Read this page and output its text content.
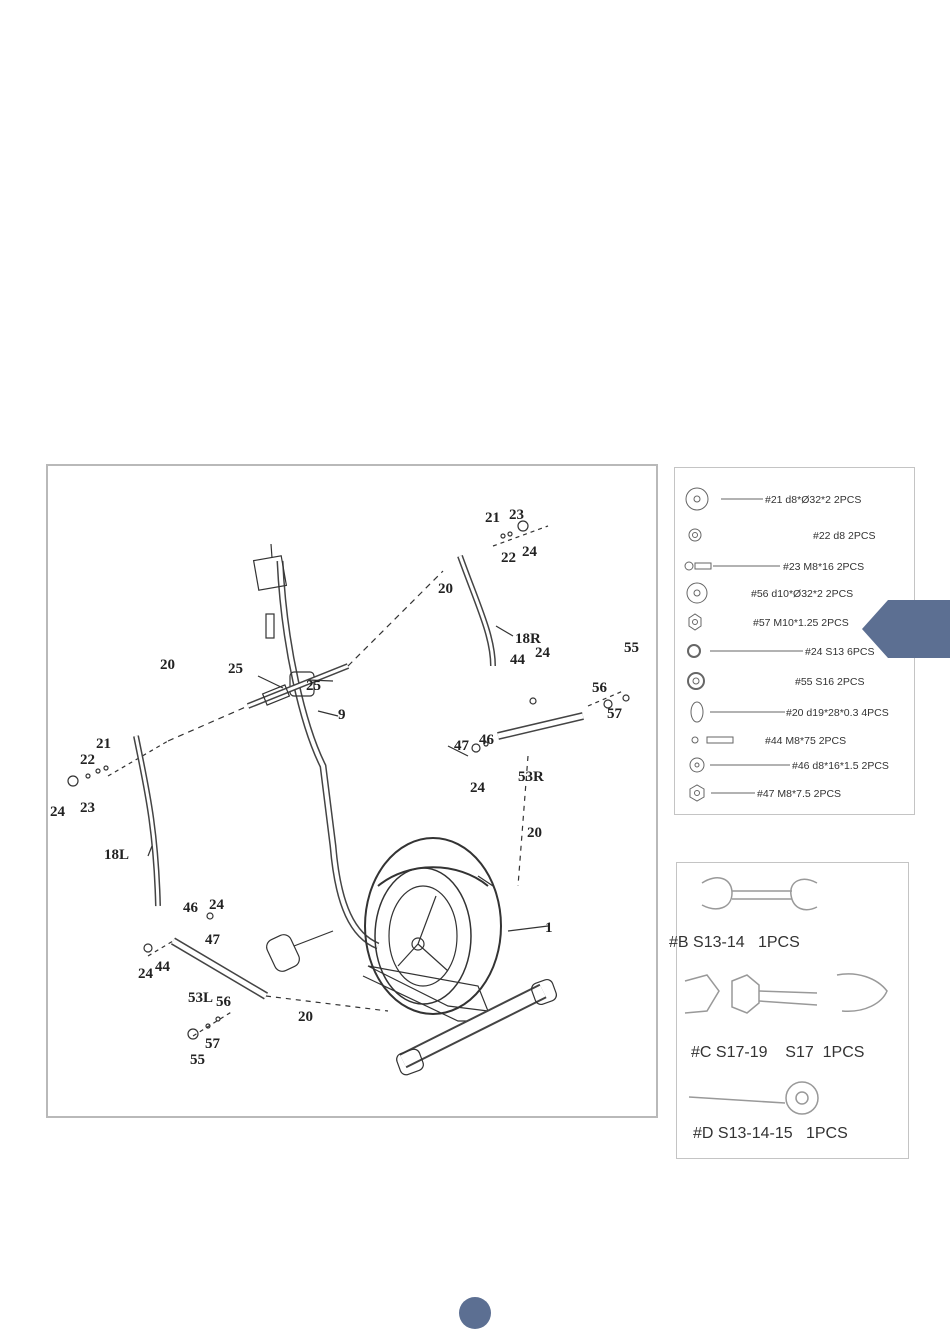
1
9
18L
18R
20
20
20
20
21
21
22
22
23
23
24
24
24
24
24
24
25
25
44
44
46
46
47
47
53L
53R
55
55
56
56
57
57
#21 d8*Ø32*2 2PCS
#22 d8 2PCS
#23 M8*16 2PCS
#56 d10*Ø32*2 2PCS
#57 M10*1.25 2PCS
#24 S13 6PCS
#55 S16 2PCS
#20 d19*28*0.3 4PCS
#44 M8*75 2PCS
#46 d8*16*1.5 2PCS
#47 M8*7.5 2PCS
#B S13-14   1PCS
#C S17-19    S17  1PCS
#D S13-14-15   1PCS
